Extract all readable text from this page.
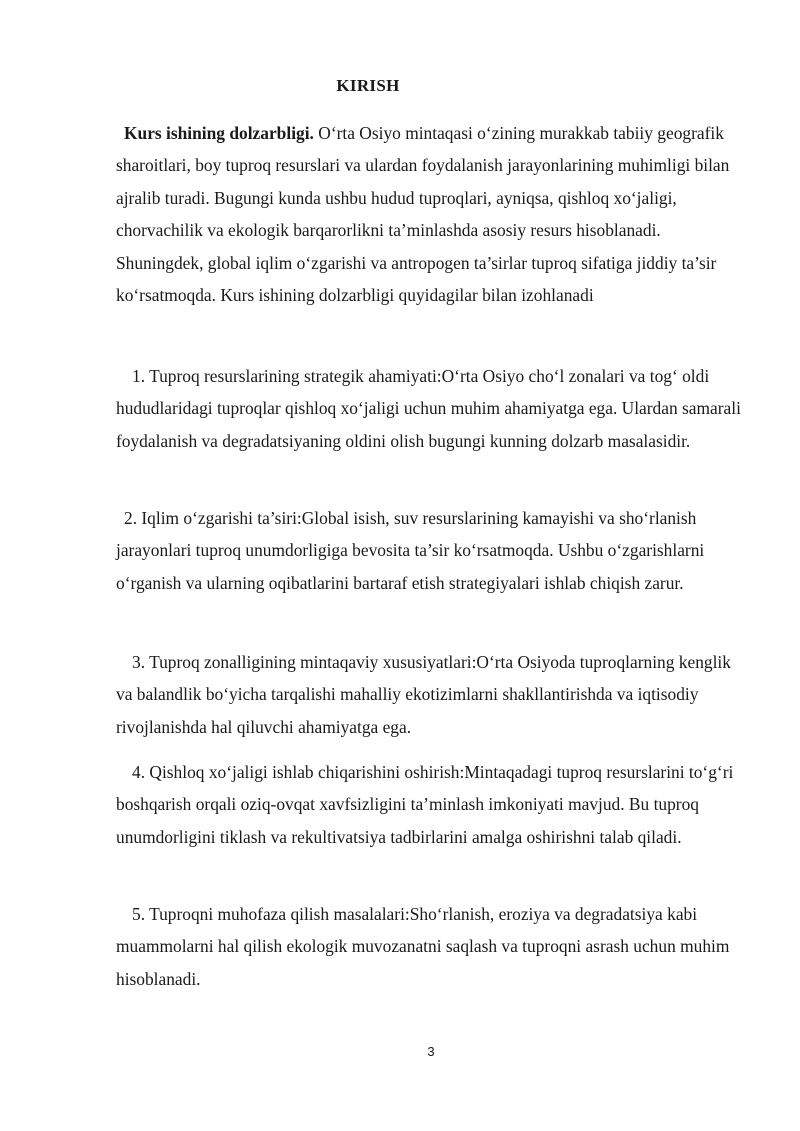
KIRISH

Kurs ishining dolzarbligi. O‘rta Osiyo mintaqasi o‘zining murakkab tabiiy geografik sharoitlari, boy tuproq resurslari va ulardan foydalanish jarayonlarining muhimligi bilan ajralib turadi. Bugungi kunda ushbu hudud tuproqlari, ayniqsa, qishloq xo‘jaligi, chorvachilik va ekologik barqarorlikni ta’minlashda asosiy resurs hisoblanadi. Shuningdek, global iqlim o‘zgarishi va antropogen ta’sirlar tuproq sifatiga jiddiy ta’sir ko‘rsatmoqda. Kurs ishining dolzarbligi quyidagilar bilan izohlanadi

1. Tuproq resurslarining strategik ahamiyati:O‘rta Osiyo cho‘l zonalari va tog‘ oldi hududlaridagi tuproqlar qishloq xo‘jaligi uchun muhim ahamiyatga ega. Ulardan samarali foydalanish va degradatsiyaning oldini olish bugungi kunning dolzarb masalasidir.

2. Iqlim o‘zgarishi ta’siri:Global isish, suv resurslarining kamayishi va sho‘rlanish jarayonlari tuproq unumdorligiga bevosita ta’sir ko‘rsatmoqda. Ushbu o‘zgarishlarni o‘rganish va ularning oqibatlarini bartaraf etish strategiyalari ishlab chiqish zarur.

3. Tuproq zonalligining mintaqaviy xususiyatlari:O‘rta Osiyoda tuproqlarning kenglik va balandlik bo‘yicha tarqalishi mahalliy ekotizimlarni shakllantirishda va iqtisodiy rivojlanishda hal qiluvchi ahamiyatga ega.

4. Qishloq xo‘jaligi ishlab chiqarishini oshirish:Mintaqadagi tuproq resurslarini to‘g‘ri boshqarish orqali oziq-ovqat xavfsizligini ta’minlash imkoniyati mavjud. Bu tuproq unumdorligini tiklash va rekultivatsiya tadbirlarini amalga oshirishni talab qiladi.

5. Tuproqni muhofaza qilish masalalari:Sho‘rlanish, eroziya va degradatsiya kabi muammolarni hal qilish ekologik muvozanatni saqlash va tuproqni asrash uchun muhim hisoblanadi.

3
